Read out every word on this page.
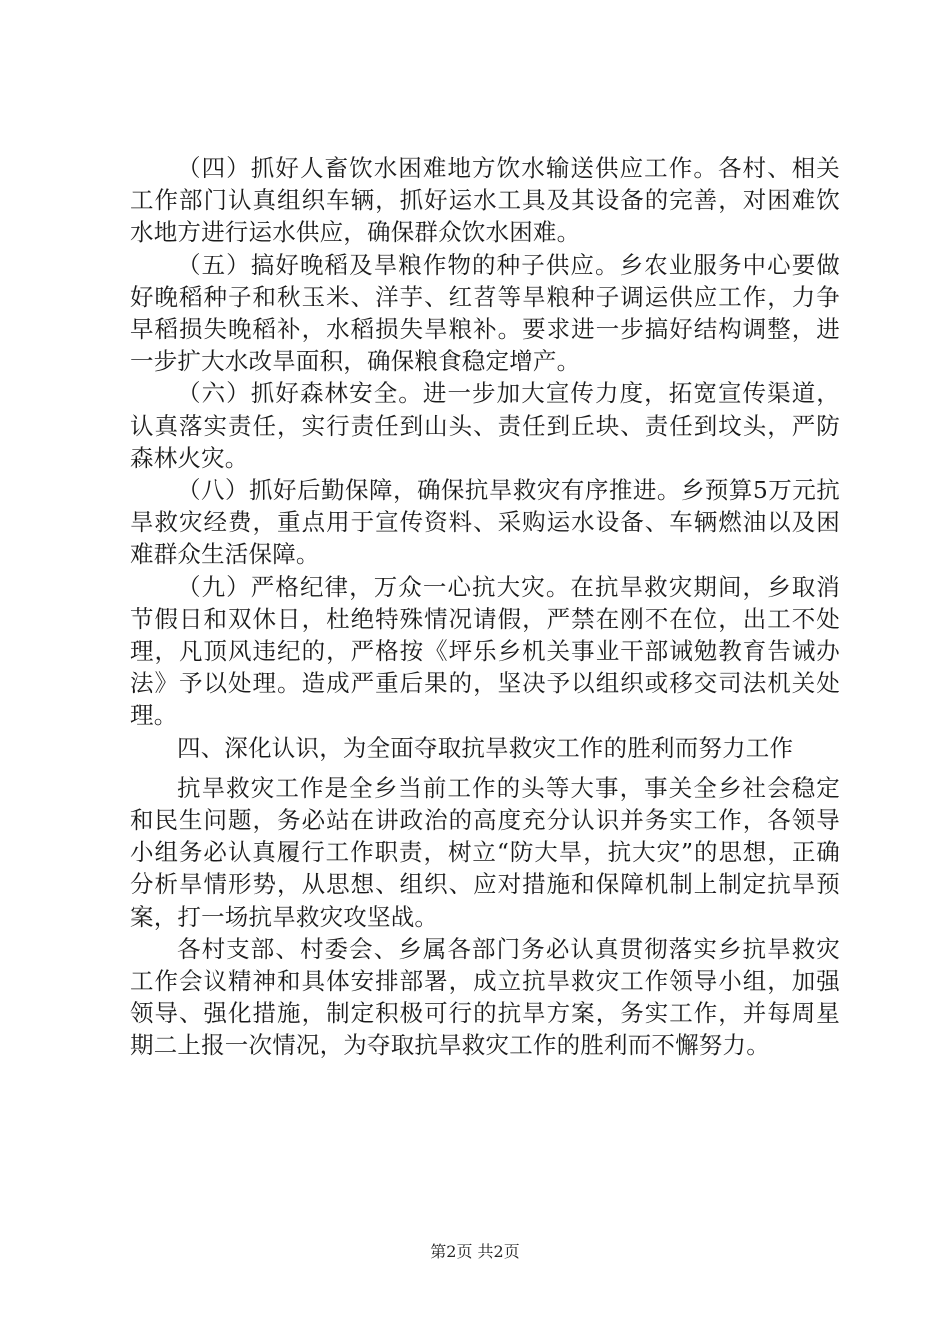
（四）抓好人畜饮水困难地方饮水输送供应工作。各村、相关工作部门认真组织车辆，抓好运水工具及其设备的完善，对困难饮水地方进行运水供应，确保群众饮水困难。

（五）搞好晚稻及旱粮作物的种子供应。乡农业服务中心要做好晚稻种子和秋玉米、洋芋、红苕等旱粮种子调运供应工作，力争早稻损失晚稻补，水稻损失旱粮补。要求进一步搞好结构调整，进一步扩大水改旱面积，确保粮食稳定增产。

（六）抓好森林安全。进一步加大宣传力度，拓宽宣传渠道，认真落实责任，实行责任到山头、责任到丘块、责任到坟头，严防森林火灾。

（八）抓好后勤保障，确保抗旱救灾有序推进。乡预算5万元抗旱救灾经费，重点用于宣传资料、采购运水设备、车辆燃油以及困难群众生活保障。

（九）严格纪律，万众一心抗大灾。在抗旱救灾期间，乡取消节假日和双休日，杜绝特殊情况请假，严禁在刚不在位，出工不处理，凡顶风违纪的，严格按《坪乐乡机关事业干部诫勉教育告诫办法》予以处理。造成严重后果的，坚决予以组织或移交司法机关处理。

四、深化认识，为全面夺取抗旱救灾工作的胜利而努力工作

抗旱救灾工作是全乡当前工作的头等大事，事关全乡社会稳定和民生问题，务必站在讲政治的高度充分认识并务实工作，各领导小组务必认真履行工作职责，树立“防大旱，抗大灾”的思想，正确分析旱情形势，从思想、组织、应对措施和保障机制上制定抗旱预案，打一场抗旱救灾攻坚战。

各村支部、村委会、乡属各部门务必认真贯彻落实乡抗旱救灾工作会议精神和具体安排部署，成立抗旱救灾工作领导小组，加强领导、强化措施，制定积极可行的抗旱方案，务实工作，并每周星期二上报一次情况，为夺取抗旱救灾工作的胜利而不懈努力。

第2页 共2页
